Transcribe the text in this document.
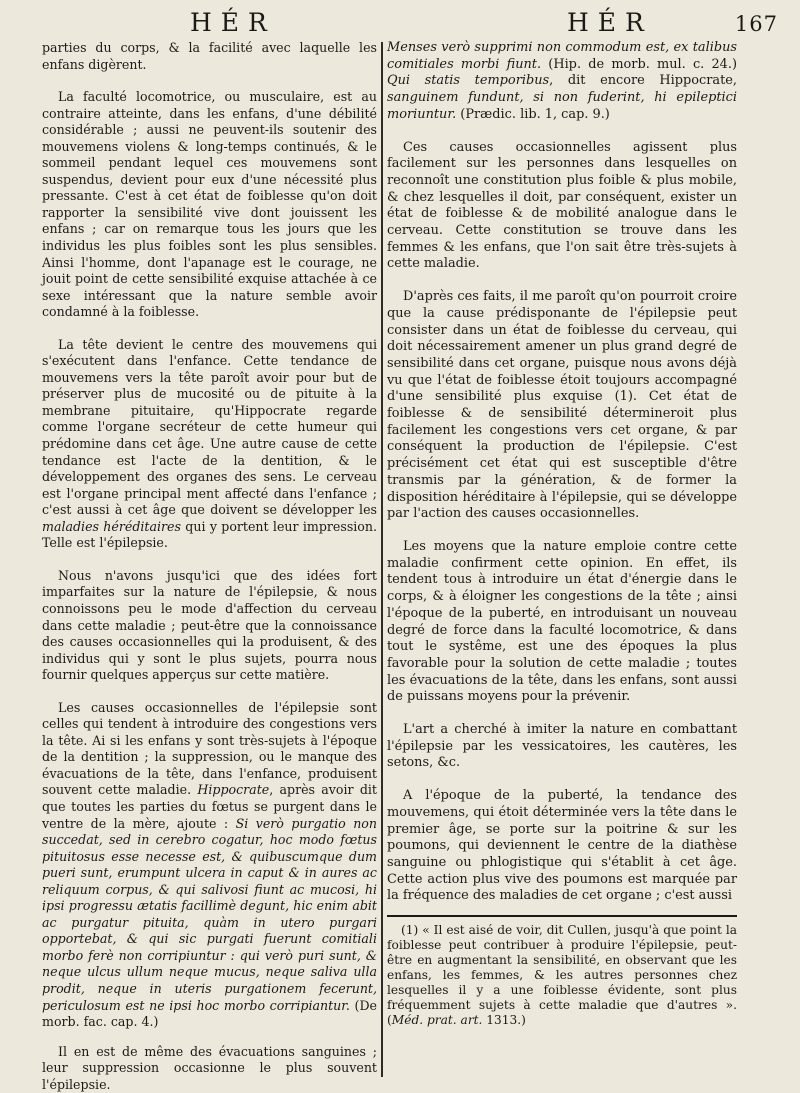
HÉR	HÉR	167

parties du corps, & la facilité avec laquelle les enfans digèrent.

La faculté locomotrice, ou musculaire, est au contraire atteinte, dans les enfans, d'une débilité considérable ; aussi ne peuvent-ils soutenir des mouvemens violens & long-temps continués, & le sommeil pendant lequel ces mouvemens sont suspendus, devient pour eux d'une nécessité plus pressante. C'est à cet état de foiblesse qu'on doit rapporter la sensibilité vive dont jouissent les enfans ; car on remarque tous les jours que les individus les plus foibles sont les plus sensibles. Ainsi l'homme, dont l'apanage est le courage, ne jouit point de cette sensibilité exquise attachée à ce sexe intéressant que la nature semble avoir condamné à la foiblesse.

La tête devient le centre des mouvemens qui s'exécutent dans l'enfance. Cette tendance de mouvemens vers la tête paroît avoir pour but de préserver plus de mucosité ou de pituite à la membrane pituitaire, qu'Hippocrate regarde comme l'organe secréteur de cette humeur qui prédomine dans cet âge. Une autre cause de cette tendance est l'acte de la dentition, & le développement des organes des sens. Le cerveau est l'organe principal ment affecté dans l'enfance ; c'est aussi à cet âge que doivent se développer les maladies héréditaires qui y portent leur impression. Telle est l'épilepsie.

Nous n'avons jusqu'ici que des idées fort imparfaites sur la nature de l'épilepsie, & nous connoissons peu le mode d'affection du cerveau dans cette maladie ; peut-être que la connoissance des causes occasionnelles qui la produisent, & des individus qui y sont le plus sujets, pourra nous fournir quelques apperçus sur cette matière.

Les causes occasionnelles de l'épilepsie sont celles qui tendent à introduire des congestions vers la tête. Ai si les enfans y sont très-sujets à l'époque de la dentition ; la suppression, ou le manque des évacuations de la tête, dans l'enfance, produisent souvent cette maladie. Hippocrate, après avoir dit que toutes les parties du fœtus se purgent dans le ventre de la mère, ajoute : Si verò purgatio non succedat, sed in cerebro cogatur, hoc modo fœtus pituitosus esse necesse est, & quibuscumque dum pueri sunt, erumpunt ulcera in caput & in aures ac reliquum corpus, & qui salivosi fiunt ac mucosi, hi ipsi progressu ætatis facillimè degunt, hic enim abit ac purgatur pituita, quàm in utero purgari opportebat, & qui sic purgati fuerunt comitiali morbo ferè non corripiuntur : qui verò puri sunt, & neque ulcus ullum neque mucus, neque saliva ulla prodit, neque in uteris purgationem fecerunt, periculosum est ne ipsi hoc morbo corripiantur. (De morb. fac. cap. 4.)

Il en est de même des évacuations sanguines ; leur suppression occasionne le plus souvent l'épilepsie.

Menses verò supprimi non commodum est, ex talibus comitiales morbi fiunt. (Hip. de morb. mul. c. 24.) Qui statis temporibus, dit encore Hippocrate, sanguinem fundunt, si non fuderint, hi epileptici moriuntur. (Prædic. lib. 1, cap. 9.)

Ces causes occasionnelles agissent plus facilement sur les personnes dans lesquelles on reconnoît une constitution plus foible & plus mobile, & chez lesquelles il doit, par conséquent, exister un état de foiblesse & de mobilité analogue dans le cerveau. Cette constitution se trouve dans les femmes & les enfans, que l'on sait être très-sujets à cette maladie.

D'après ces faits, il me paroît qu'on pourroit croire que la cause prédisponante de l'épilepsie peut consister dans un état de foiblesse du cerveau, qui doit nécessairement amener un plus grand degré de sensibilité dans cet organe, puisque nous avons déjà vu que l'état de foiblesse étoit toujours accompagné d'une sensibilité plus exquise (1). Cet état de foiblesse & de sensibilité détermineroit plus facilement les congestions vers cet organe, & par conséquent la production de l'épilepsie. C'est précisément cet état qui est susceptible d'être transmis par la génération, & de former la disposition héréditaire à l'épilepsie, qui se développe par l'action des causes occasionnelles.

Les moyens que la nature emploie contre cette maladie confirment cette opinion. En effet, ils tendent tous à introduire un état d'énergie dans le corps, & à éloigner les congestions de la tête ; ainsi l'époque de la puberté, en introduisant un nouveau degré de force dans la faculté locomotrice, & dans tout le systême, est une des époques la plus favorable pour la solution de cette maladie ; toutes les évacuations de la tête, dans les enfans, sont aussi de puissans moyens pour la prévenir.

L'art a cherché à imiter la nature en combattant l'épilepsie par les vessicatoires, les cautères, les setons, &c.

A l'époque de la puberté, la tendance des mouvemens, qui étoit déterminée vers la tête dans le premier âge, se porte sur la poitrine & sur les poumons, qui deviennent le centre de la diathèse sanguine ou phlogistique qui s'établit à cet âge. Cette action plus vive des poumons est marquée par la fréquence des maladies de cet organe ; c'est aussi

(1) « Il est aisé de voir, dit Cullen, jusqu'à que point la foiblesse peut contribuer à produire l'épilepsie, peut-être en augmentant la sensibilité, en observant que les enfans, les femmes, & les autres personnes chez lesquelles il y a une foiblesse évidente, sont plus fréquemment sujets à cette maladie que d'autres ». (Méd. prat. art. 1313.)
